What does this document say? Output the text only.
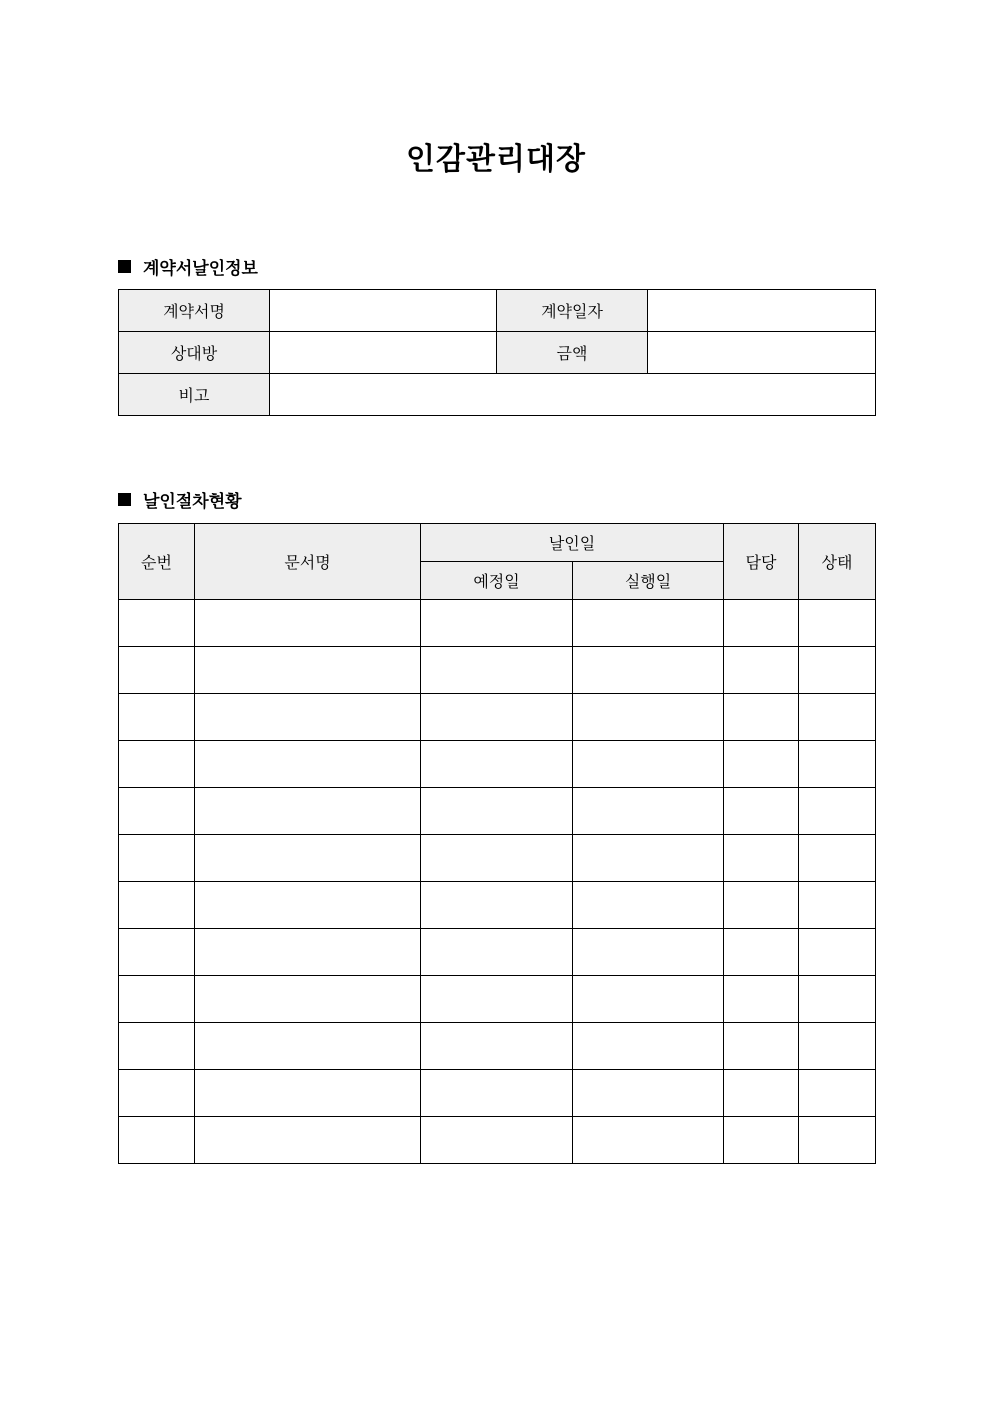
인감관리대장
계약서날인정보
계약서명		계약일자	
상대방		금액	
비고			
날인절차현황
순번	문서명	날인일		담당	상태
		예정일	실행일		
